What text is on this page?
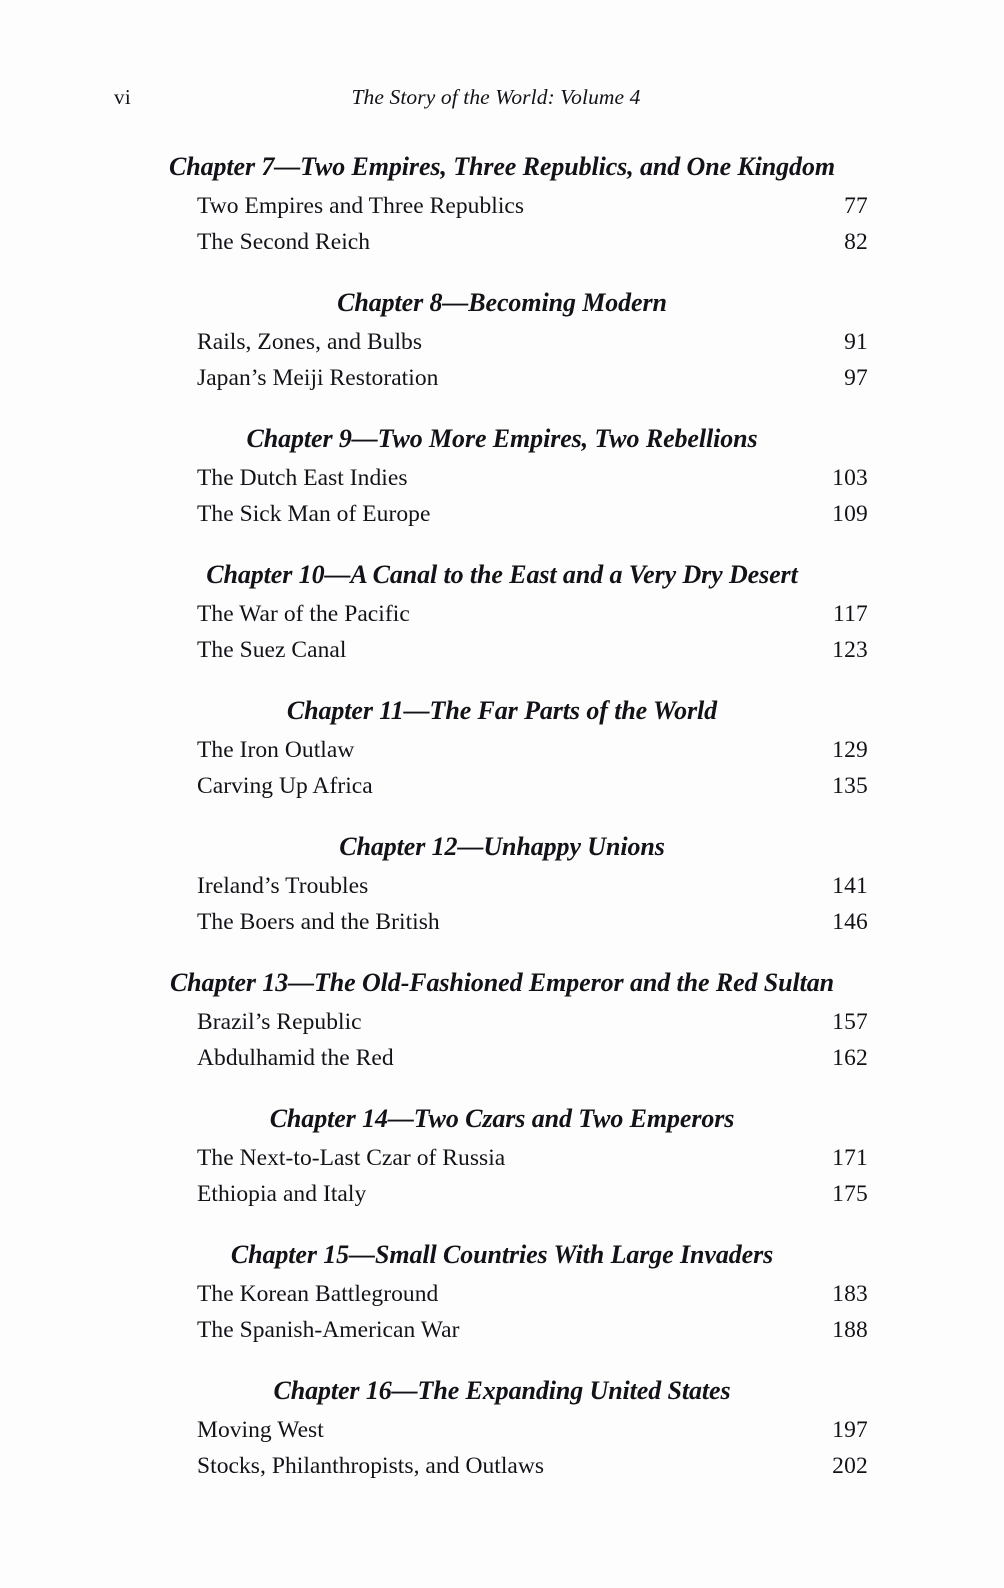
vi	The Story of the World: Volume 4
Chapter 7—Two Empires, Three Republics, and One Kingdom
Two Empires and Three Republics	77
The Second Reich	82
Chapter 8—Becoming Modern
Rails, Zones, and Bulbs	91
Japan’s Meiji Restoration	97
Chapter 9—Two More Empires, Two Rebellions
The Dutch East Indies	103
The Sick Man of Europe	109
Chapter 10—A Canal to the East and a Very Dry Desert
The War of the Pacific	117
The Suez Canal	123
Chapter 11—The Far Parts of the World
The Iron Outlaw	129
Carving Up Africa	135
Chapter 12—Unhappy Unions
Ireland’s Troubles	141
The Boers and the British	146
Chapter 13—The Old-Fashioned Emperor and the Red Sultan
Brazil’s Republic	157
Abdulhamid the Red	162
Chapter 14—Two Czars and Two Emperors
The Next-to-Last Czar of Russia	171
Ethiopia and Italy	175
Chapter 15—Small Countries With Large Invaders
The Korean Battleground	183
The Spanish-American War	188
Chapter 16—The Expanding United States
Moving West	197
Stocks, Philanthropists, and Outlaws	202
